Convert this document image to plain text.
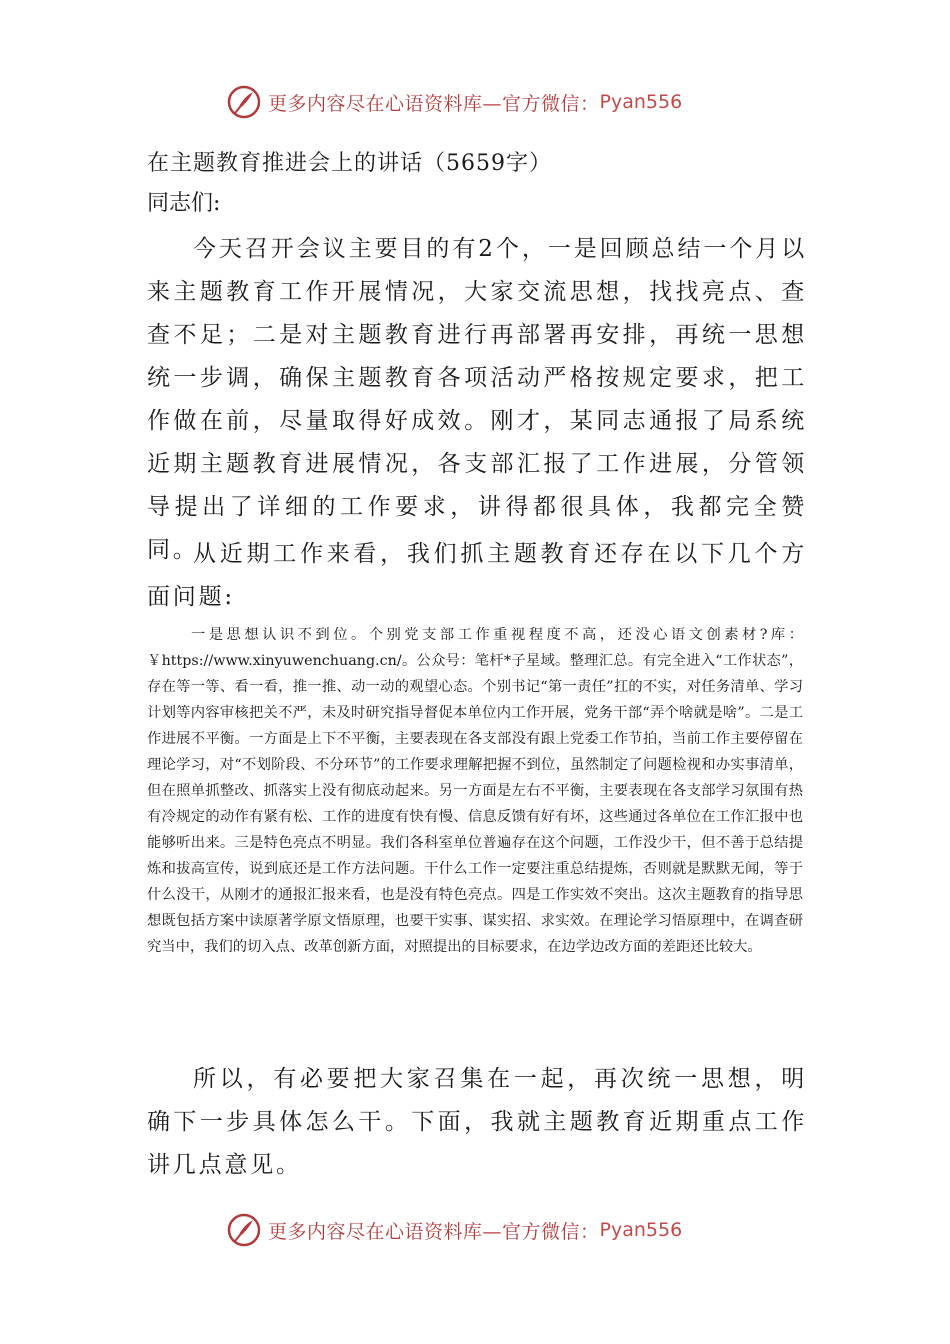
更多内容尽在心语资料库—官方微信： Pyan556
在主题教育推进会上的讲话（5659字）
同志们:

今天召开会议主要目的有2个，一是回顾总结一个月以来主题教育工作开展情况，大家交流思想，找找亮点、查查不足；二是对主题教育进行再部署再安排，再统一思想统一步调，确保主题教育各项活动严格按规定要求，把工作做在前，尽量取得好成效。刚才，某同志通报了局系统近期主题教育进展情况，各支部汇报了工作进展，分管领导提出了详细的工作要求，讲得都很具体，我都完全赞同。

从近期工作来看，我们抓主题教育还存在以下几个方面问题:

一是思想认识不到位。个别党支部工作重视程度不高，还没心语文创素材?库：￥https://www.xinyuwenchuang.cn/。公众号：笔杆*子星域。整理汇总。有完全进入“工作状态”，存在等一等、看一看，推一推、动一动的观望心态。个别书记“第一责任”扛的不实，对任务清单、学习计划等内容审核把关不严，未及时研究指导督促本单位内工作开展，党务干部“弄个啥就是啥”。二是工作进展不平衡。一方面是上下不平衡，主要表现在各支部没有跟上党委工作节拍，当前工作主要停留在理论学习，对“不划阶段、不分环节”的工作要求理解把握不到位，虽然制定了问题检视和办实事清单，但在照单抓整改、抓落实上没有彻底动起来。另一方面是左右不平衡，主要表现在各支部学习氛围有热有冷规定的动作有紧有松、工作的进度有快有慢、信息反馈有好有坏，这些通过各单位在工作汇报中也能够听出来。三是特色亮点不明显。我们各科室单位普遍存在这个问题，工作没少干，但不善于总结提炼和拔高宣传，说到底还是工作方法问题。干什么工作一定要注重总结提炼，否则就是默默无闻，等于什么没干，从刚才的通报汇报来看，也是没有特色亮点。四是工作实效不突出。这次主题教育的指导思想既包括方案中读原著学原文悟原理，也要干实事、谋实招、求实效。在理论学习悟原理中，在调查研究当中，我们的切入点、改革创新方面，对照提出的目标要求，在边学边改方面的差距还比较大。

所以，有必要把大家召集在一起，再次统一思想，明确下一步具体怎么干。下面，我就主题教育近期重点工作讲几点意见。

更多内容尽在心语资料库—官方微信： Pyan556
